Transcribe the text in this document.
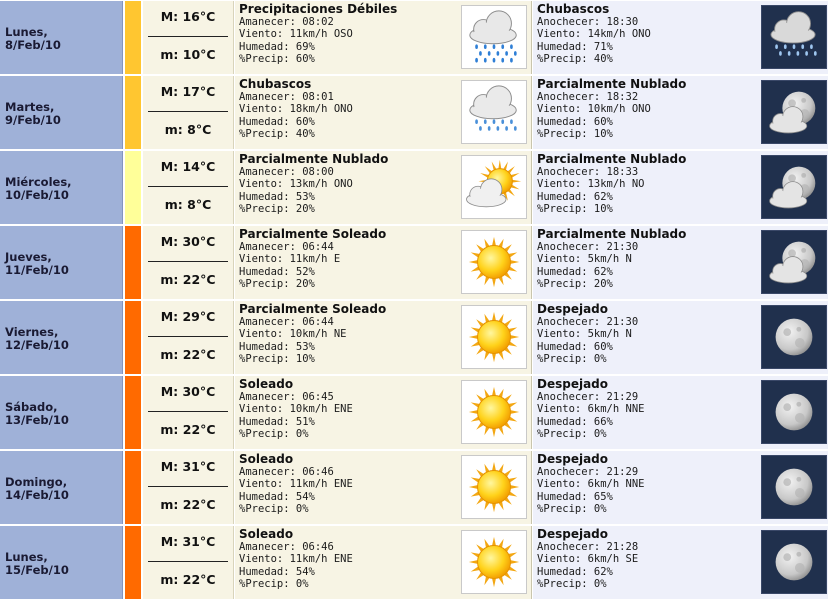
Lunes,
8/Feb/10
M: 16°C
m: 10°C
Precipitaciones Débiles
Amanecer: 08:02
Viento: 11km/h OSO
Humedad: 69%
%Precip: 60%
Chubascos
Anochecer: 18:30
Viento: 14km/h ONO
Humedad: 71%
%Precip: 40%
Martes,
9/Feb/10
M: 17°C
m: 8°C
Chubascos
Amanecer: 08:01
Viento: 18km/h ONO
Humedad: 60%
%Precip: 40%
Parcialmente Nublado
Anochecer: 18:32
Viento: 10km/h ONO
Humedad: 60%
%Precip: 10%
Miércoles,
10/Feb/10
M: 14°C
m: 8°C
Parcialmente Nublado
Amanecer: 08:00
Viento: 13km/h ONO
Humedad: 53%
%Precip: 20%
Parcialmente Nublado
Anochecer: 18:33
Viento: 13km/h NO
Humedad: 62%
%Precip: 10%
Jueves,
11/Feb/10
M: 30°C
m: 22°C
Parcialmente Soleado
Amanecer: 06:44
Viento: 11km/h E
Humedad: 52%
%Precip: 20%
Parcialmente Nublado
Anochecer: 21:30
Viento: 5km/h N
Humedad: 62%
%Precip: 20%
Viernes,
12/Feb/10
M: 29°C
m: 22°C
Parcialmente Soleado
Amanecer: 06:44
Viento: 10km/h NE
Humedad: 53%
%Precip: 10%
Despejado
Anochecer: 21:30
Viento: 5km/h N
Humedad: 60%
%Precip: 0%
Sábado,
13/Feb/10
M: 30°C
m: 22°C
Soleado
Amanecer: 06:45
Viento: 10km/h ENE
Humedad: 51%
%Precip: 0%
Despejado
Anochecer: 21:29
Viento: 6km/h NNE
Humedad: 66%
%Precip: 0%
Domingo,
14/Feb/10
M: 31°C
m: 22°C
Soleado
Amanecer: 06:46
Viento: 11km/h ENE
Humedad: 54%
%Precip: 0%
Despejado
Anochecer: 21:29
Viento: 6km/h NNE
Humedad: 65%
%Precip: 0%
Lunes,
15/Feb/10
M: 31°C
m: 22°C
Soleado
Amanecer: 06:46
Viento: 11km/h ENE
Humedad: 54%
%Precip: 0%
Despejado
Anochecer: 21:28
Viento: 6km/h SE
Humedad: 62%
%Precip: 0%
